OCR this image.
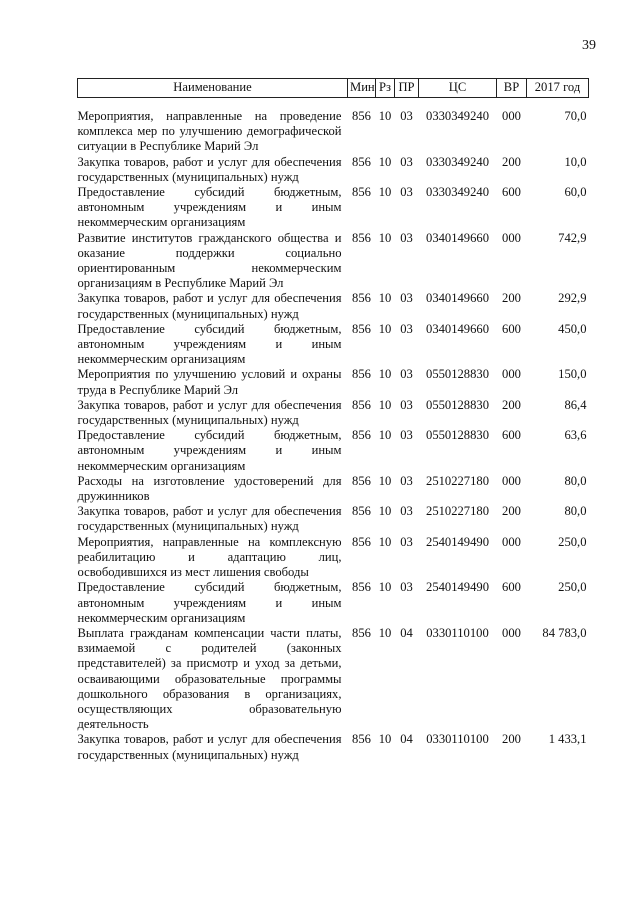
39
Наименование	Мин	Рз	ПР	ЦС	ВР	2017 год
Мероприятия, направленные на проведение комплекса мер по улучшению демографической ситуации в Республике Марий Эл	856	10	03	0330349240	000	70,0
Закупка товаров, работ и услуг для обеспечения государственных (муниципальных) нужд	856	10	03	0330349240	200	10,0
Предоставление субсидий бюджетным, автономным учреждениям и иным некоммерческим организациям	856	10	03	0330349240	600	60,0
Развитие институтов гражданского общества и оказание поддержки социально ориентированным некоммерческим организациям в Республике Марий Эл	856	10	03	0340149660	000	742,9
Закупка товаров, работ и услуг для обеспечения государственных (муниципальных) нужд	856	10	03	0340149660	200	292,9
Предоставление субсидий бюджетным, автономным учреждениям и иным некоммерческим организациям	856	10	03	0340149660	600	450,0
Мероприятия по улучшению условий и охраны труда в Республике Марий Эл	856	10	03	0550128830	000	150,0
Закупка товаров, работ и услуг для обеспечения государственных (муниципальных) нужд	856	10	03	0550128830	200	86,4
Предоставление субсидий бюджетным, автономным учреждениям и иным некоммерческим организациям	856	10	03	0550128830	600	63,6
Расходы на изготовление удостоверений для дружинников	856	10	03	2510227180	000	80,0
Закупка товаров, работ и услуг для обеспечения государственных (муниципальных) нужд	856	10	03	2510227180	200	80,0
Мероприятия, направленные на комплексную реабилитацию и адаптацию лиц, освободившихся из мест лишения свободы	856	10	03	2540149490	000	250,0
Предоставление субсидий бюджетным, автономным учреждениям и иным некоммерческим организациям	856	10	03	2540149490	600	250,0
Выплата гражданам компенсации части платы, взимаемой с родителей (законных представителей) за присмотр и уход за детьми, осваивающими образовательные программы дошкольного образования в организациях, осуществляющих образовательную деятельность	856	10	04	0330110100	000	84 783,0
Закупка товаров, работ и услуг для обеспечения государственных (муниципальных) нужд	856	10	04	0330110100	200	1 433,1
